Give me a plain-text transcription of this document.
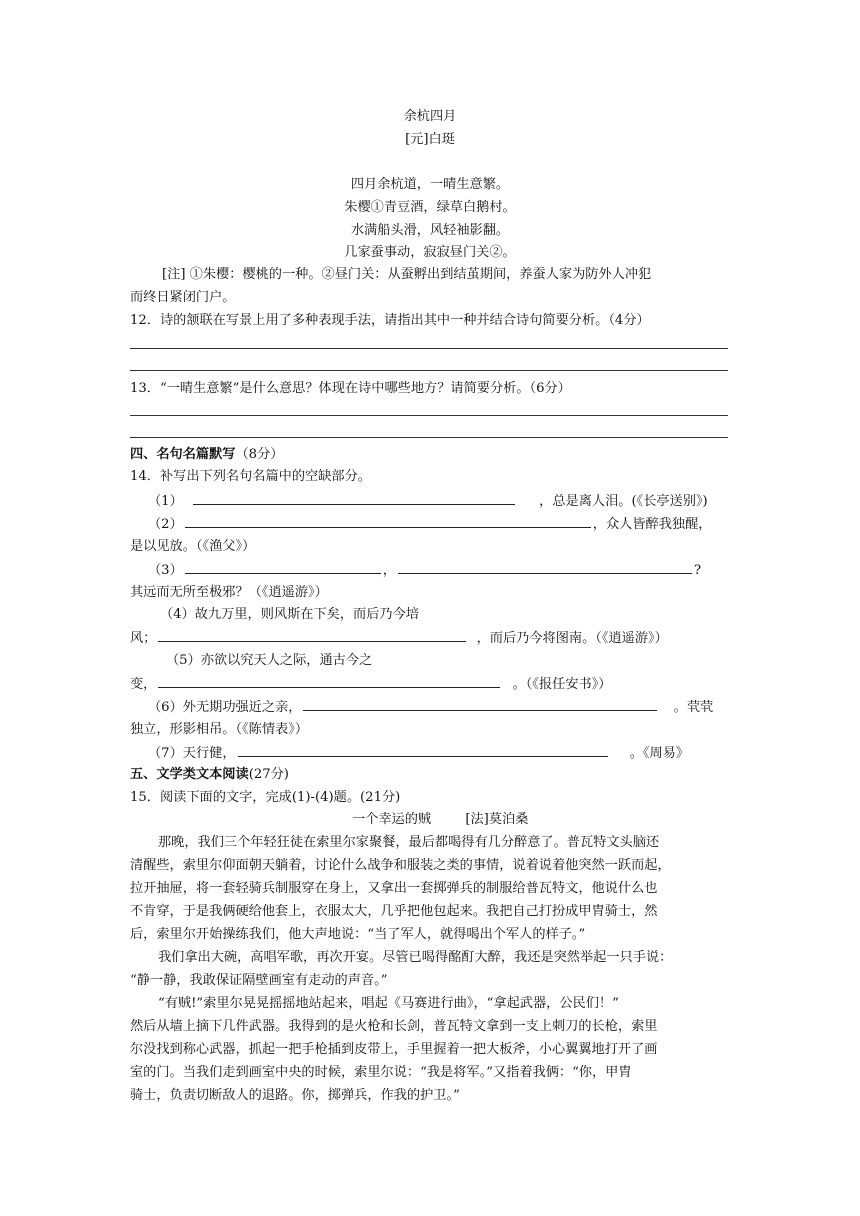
余杭四月
[元]白珽
四月余杭道，一晴生意繁。
朱樱①青豆酒，绿草白鹅村。
水满船头滑，风轻袖影翻。
几家蚕事动，寂寂昼门关②。
[注] ①朱樱：樱桃的一种。②昼门关：从蚕孵出到结茧期间，养蚕人家为防外人冲犯
而终日紧闭门户。
12．诗的颔联在写景上用了多种表现手法，请指出其中一种并结合诗句简要分析。（4分）
13．“一晴生意繁”是什么意思？体现在诗中哪些地方？请简要分析。（6分）
四、名句名篇默写（8分）
14．补写出下列名句名篇中的空缺部分。
（1）	，总是离人泪。(《长亭送别》)
（2）	，众人皆醉我独醒，
是以见放。（《渔父》）
（3）	，	?
其远而无所至极邪？（《逍遥游》）
（4）故九万里，则风斯在下矣，而后乃今培
风；	，而后乃今将图南。（《逍遥游》）
（5）亦欲以究天人之际，通古今之
变，	。（《报任安书》）
（6）外无期功强近之亲，	。茕茕
独立，形影相吊。（《陈情表》）
（7）天行健，	。《周易》
五、文学类文本阅读(27分)
15．阅读下面的文字，完成(1)-(4)题。(21分)
一个幸运的贼	[法]莫泊桑
那晚，我们三个年轻狂徒在索里尔家聚餐，最后都喝得有几分醉意了。普瓦特文头脑还
清醒些，索里尔仰面朝天躺着，讨论什么战争和服装之类的事情，说着说着他突然一跃而起，
拉开抽屉，将一套轻骑兵制服穿在身上，又拿出一套掷弹兵的制服给普瓦特文，他说什么也
不肯穿，于是我俩硬给他套上，衣服太大，几乎把他包起来。我把自己打扮成甲胄骑士，然
后，索里尔开始操练我们，他大声地说：“当了军人，就得喝出个军人的样子。”
我们拿出大碗，高唱军歌，再次开宴。尽管已喝得酩酊大醉，我还是突然举起一只手说：
“静一静，我敢保证隔壁画室有走动的声音。”
“有贼!”索里尔晃晃摇摇地站起来，唱起《马赛进行曲》，“拿起武器，公民们！”
然后从墙上摘下几件武器。我得到的是火枪和长剑，普瓦特文拿到一支上刺刀的长枪，索里
尔没找到称心武器，抓起一把手枪插到皮带上，手里握着一把大板斧，小心翼翼地打开了画
室的门。当我们走到画室中央的时候，索里尔说：“我是将军。”又指着我俩：“你，甲胄
骑士，负责切断敌人的退路。你，掷弹兵，作我的护卫。”
